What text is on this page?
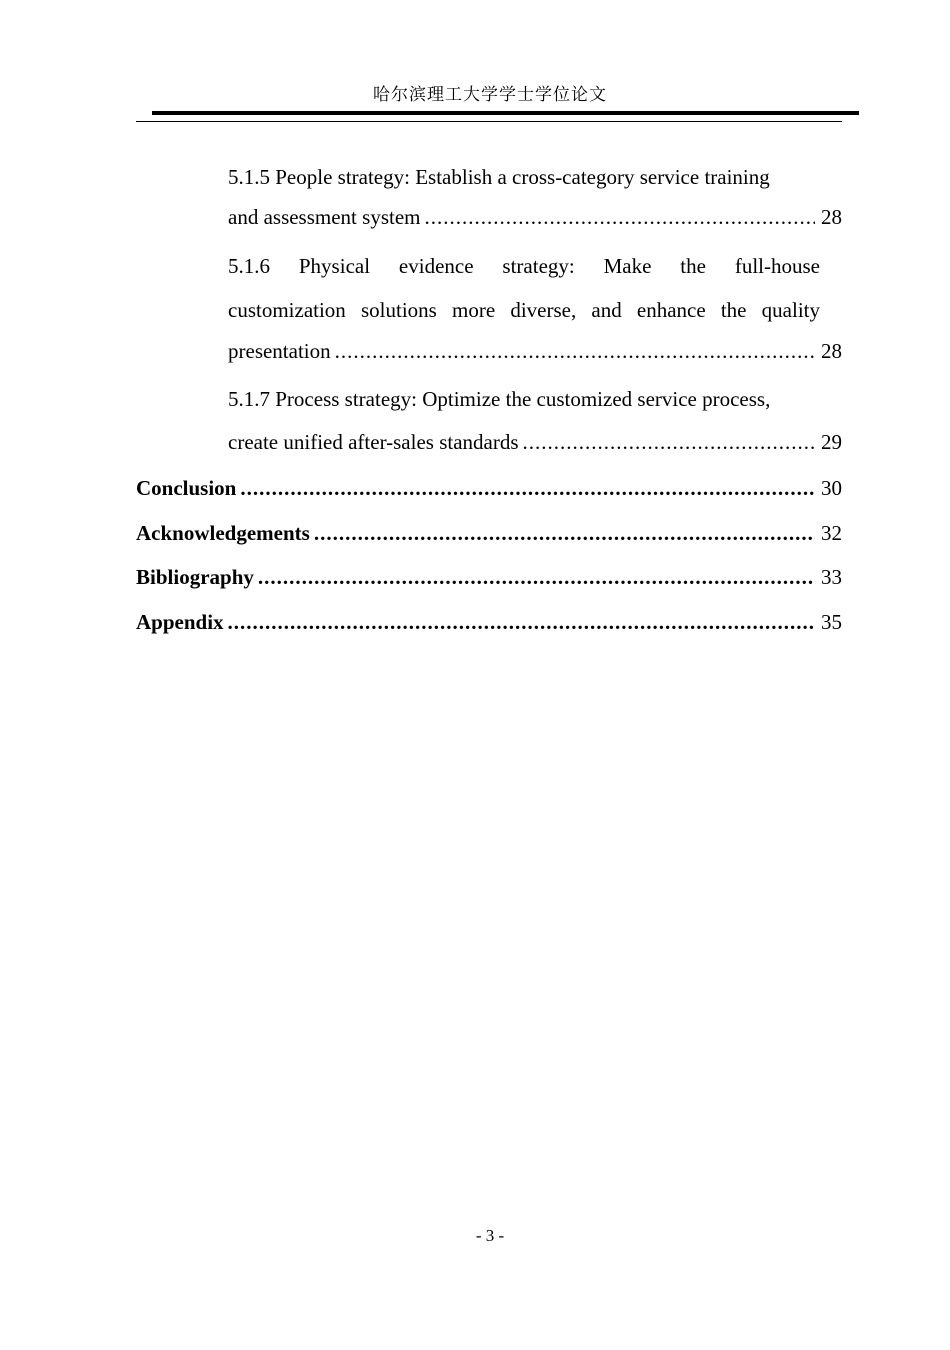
哈尔滨理工大学学士学位论文
5.1.5 People strategy: Establish a cross-category service training
and assessment system .....	28
5.1.6 Physical evidence strategy: Make the full-house
customization solutions more diverse, and enhance the quality
presentation .....	28
5.1.7 Process strategy: Optimize the customized service process,
create unified after-sales standards .....	29
Conclusion .....	30
Acknowledgements .....	32
Bibliography .....	33
Appendix .....	35
- 3 -
